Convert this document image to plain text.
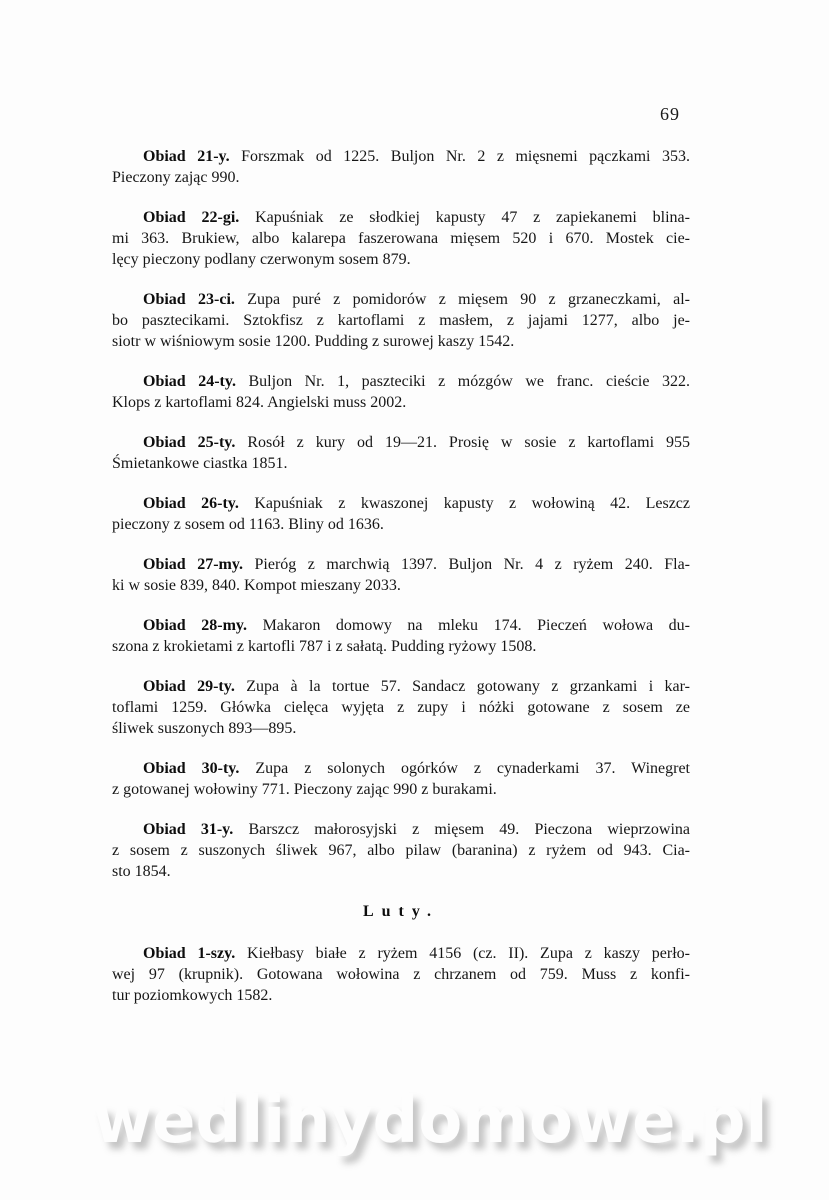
69

Obiad 21-y. Forszmak od 1225. Buljon Nr. 2 z mięsnemi pączkami 353.
Pieczony zając 990.

Obiad 22-gi. Kapuśniak ze słodkiej kapusty 47 z zapiekanemi blina-
mi 363. Brukiew, albo kalarepa faszerowana mięsem 520 i 670. Mostek cie-
lęcy pieczony podlany czerwonym sosem 879.

Obiad 23-ci. Zupa puré z pomidorów z mięsem 90 z grzaneczkami, al-
bo pasztecikami. Sztokfisz z kartoflami z masłem, z jajami 1277, albo je-
siotr w wiśniowym sosie 1200. Pudding z surowej kaszy 1542.

Obiad 24-ty. Buljon Nr. 1, paszteciki z mózgów we franc. cieście 322.
Klops z kartoflami 824. Angielski muss 2002.

Obiad 25-ty. Rosół z kury od 19—21. Prosię w sosie z kartoflami 955
Śmietankowe ciastka 1851.

Obiad 26-ty. Kapuśniak z kwaszonej kapusty z wołowiną 42. Leszcz
pieczony z sosem od 1163. Bliny od 1636.

Obiad 27-my. Pieróg z marchwią 1397. Buljon Nr. 4 z ryżem 240. Fla-
ki w sosie 839, 840. Kompot mieszany 2033.

Obiad 28-my. Makaron domowy na mleku 174. Pieczeń wołowa du-
szona z krokietami z kartofli 787 i z sałatą. Pudding ryżowy 1508.

Obiad 29-ty. Zupa à la tortue 57. Sandacz gotowany z grzankami i kar-
toflami 1259. Główka cielęca wyjęta z zupy i nóżki gotowane z sosem ze
śliwek suszonych 893—895.

Obiad 30-ty. Zupa z solonych ogórków z cynaderkami 37. Winegret
z gotowanej wołowiny 771. Pieczony zając 990 z burakami.

Obiad 31-y. Barszcz małorosyjski z mięsem 49. Pieczona wieprzowina
z sosem z suszonych śliwek 967, albo pilaw (baranina) z ryżem od 943. Cia-
sto 1854.

Luty.

Obiad 1-szy. Kiełbasy białe z ryżem 4156 (cz. II). Zupa z kaszy perło-
wej 97 (krupnik). Gotowana wołowina z chrzanem od 759. Muss z konfi-
tur poziomkowych 1582.

wedlinydomowe.pl
